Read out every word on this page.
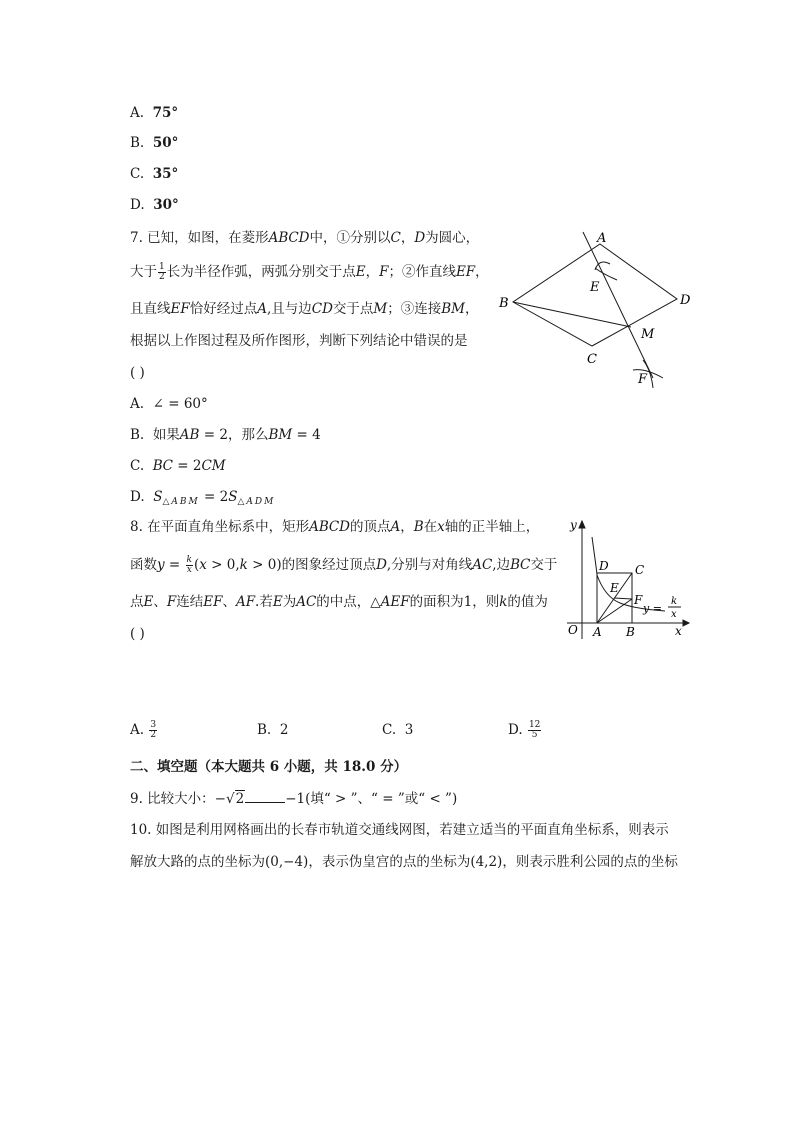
A. 75°
B. 50°
C. 35°
D. 30°
7. 已知，如图，在菱形𝐴𝐵𝐶𝐷中，①分别以𝐶，𝐷为圆心，
大于 $\frac{1}{2}$ 长为半径作弧，两弧分别交于点𝐸，𝐹；②作直线𝐸𝐹，
且直线𝐸𝐹恰好经过点𝐴,且与边𝐶𝐷交于点𝑀；③连接𝐵𝑀，
根据以上作图过程及所作图形，判断下列结论中错误的是
( )
A. ∠ = 60°
B. 如果𝐴𝐵 = 2，那么𝐵𝑀 = 4
C. 𝐵𝐶 = 2𝐶𝑀
D. 𝑆$_{\triangle ABM}$ = 2𝑆$_{\triangle ADM}$
A
B
C
D
E
F
M
8. 在平面直角坐标系中，矩形𝐴𝐵𝐶𝐷的顶点𝐴，𝐵在𝑥轴的正半轴上，
函数𝑦 = $\frac{\text{𝑘}}{\text{𝑥}}$ (𝑥 > 0,𝑘 > 0)的图象经过顶点𝐷,分别与对角线𝐴𝐶,边𝐵𝐶交于
点𝐸、𝐹连结𝐸𝐹、𝐴𝐹.若𝐸为𝐴𝐶的中点，△𝐴𝐸𝐹的面积为1，则𝑘的值为
( )
y
x
O A B
C
D
E
F
y =
k
x
A. $\frac{3}{2}$	B. 2	C. 3	D. $\frac{12}{5}$
二、填空题（本大题共 6 小题，共 18.0 分）
9. 比较大小：−√2	−1(填“ > ”、“ = ”或“ < ”)
10. 如图是利用网格画出的长春市轨道交通线网图，若建立适当的平面直角坐标系，则表示
解放大路的点的坐标为(0,−4)，表示伪皇宫的点的坐标为(4,2)，则表示胜利公园的点的坐标
